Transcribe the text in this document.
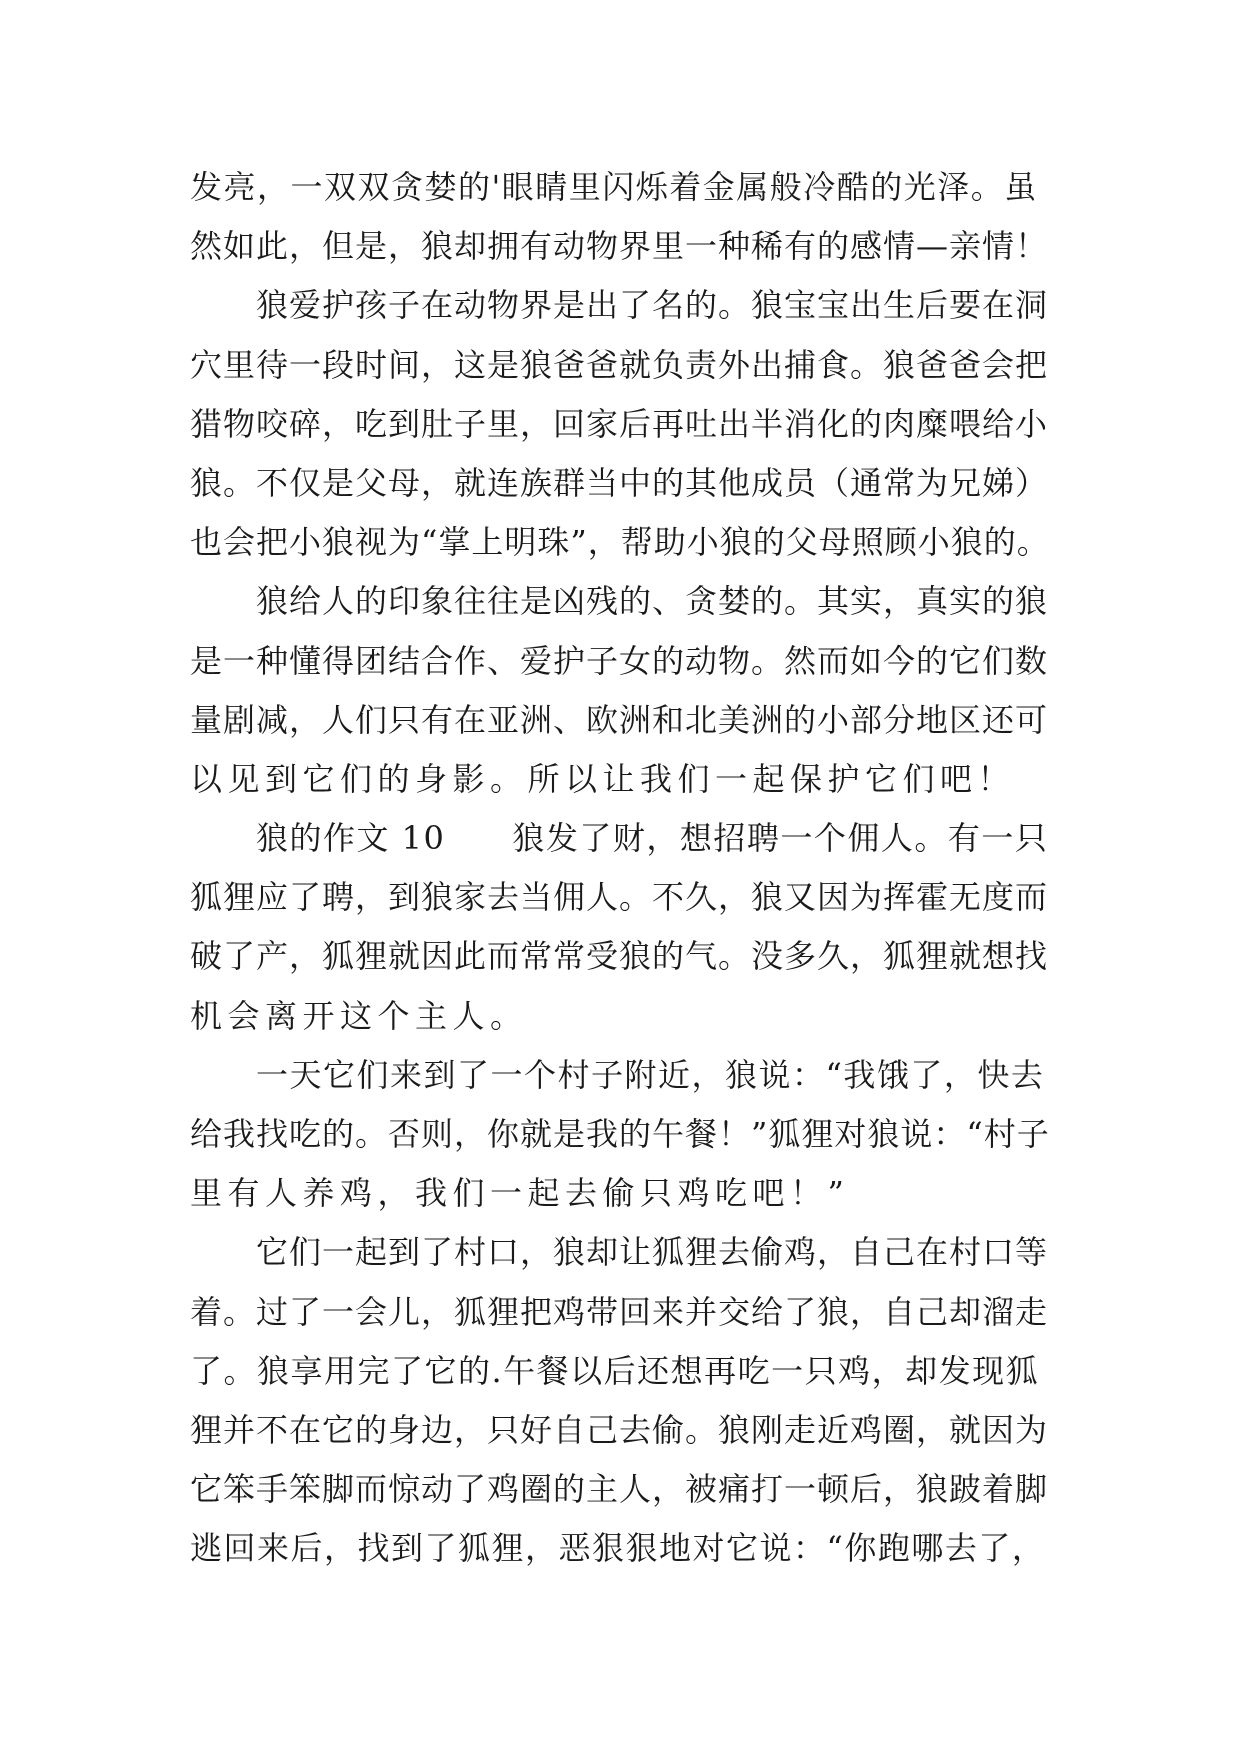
发亮，一双双贪婪的'眼睛里闪烁着金属般冷酷的光泽。虽
然如此，但是，狼却拥有动物界里一种稀有的感情—亲情！
狼爱护孩子在动物界是出了名的。狼宝宝出生后要在洞
穴里待一段时间，这是狼爸爸就负责外出捕食。狼爸爸会把
猎物咬碎，吃到肚子里，回家后再吐出半消化的肉糜喂给小
狼。不仅是父母，就连族群当中的其他成员（通常为兄娣）
也会把小狼视为“掌上明珠”，帮助小狼的父母照顾小狼的。
狼给人的印象往往是凶残的、贪婪的。其实，真实的狼
是一种懂得团结合作、爱护子女的动物。然而如今的它们数
量剧减，人们只有在亚洲、欧洲和北美洲的小部分地区还可
以见到它们的身影。所以让我们一起保护它们吧！
狼的作文 10　　狼发了财，想招聘一个佣人。有一只
狐狸应了聘，到狼家去当佣人。不久，狼又因为挥霍无度而
破了产，狐狸就因此而常常受狼的气。没多久，狐狸就想找
机会离开这个主人。
一天它们来到了一个村子附近，狼说：“我饿了，快去
给我找吃的。否则，你就是我的午餐！”狐狸对狼说：“村子
里有人养鸡，我们一起去偷只鸡吃吧！”
它们一起到了村口，狼却让狐狸去偷鸡，自己在村口等
着。过了一会儿，狐狸把鸡带回来并交给了狼，自己却溜走
了。狼享用完了它的.午餐以后还想再吃一只鸡，却发现狐
狸并不在它的身边，只好自己去偷。狼刚走近鸡圈，就因为
它笨手笨脚而惊动了鸡圈的主人，被痛打一顿后，狼跛着脚
逃回来后，找到了狐狸，恶狠狠地对它说：“你跑哪去了，
